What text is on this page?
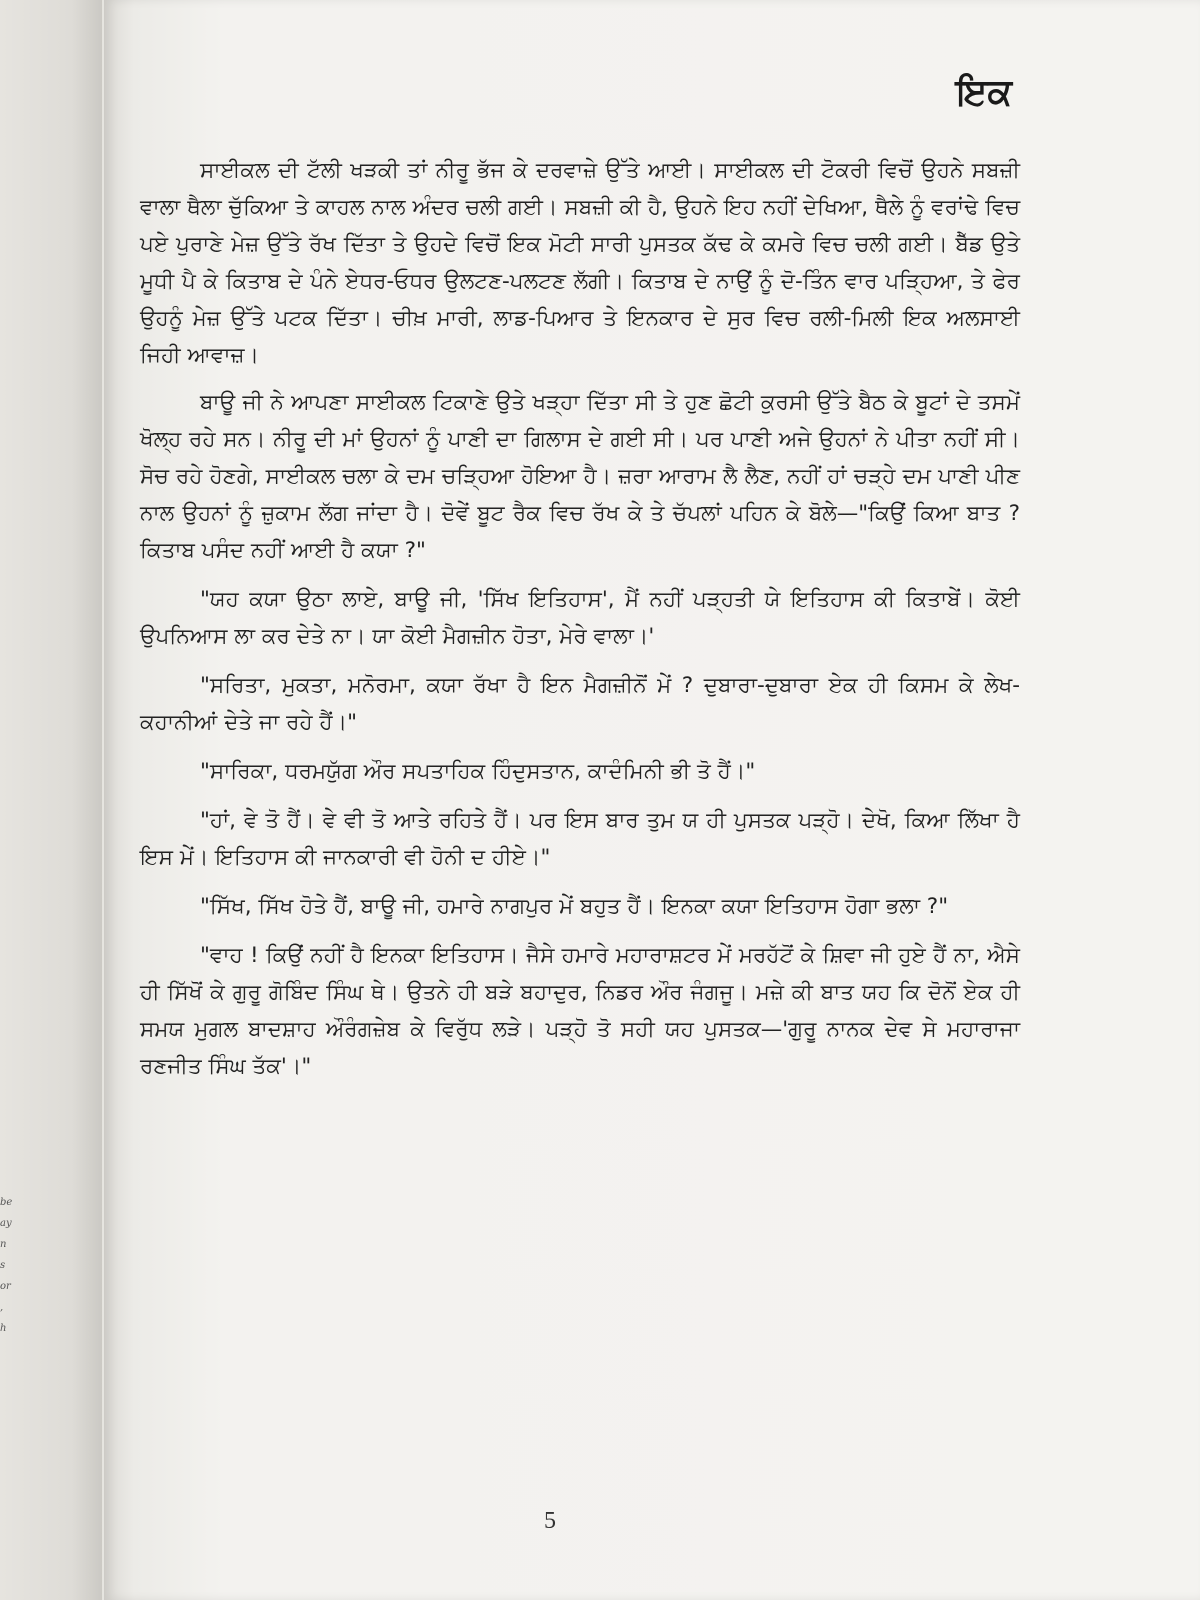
be
ay
n
s
or
,
h
ਇਕ

ਸਾਈਕਲ ਦੀ ਟੱਲੀ ਖੜਕੀ ਤਾਂ ਨੀਰੂ ਭੱਜ ਕੇ ਦਰਵਾਜ਼ੇ ਉੱਤੇ ਆਈ। ਸਾਈਕਲ ਦੀ ਟੋਕਰੀ ਵਿਚੋਂ ਉਹਨੇ ਸਬਜ਼ੀ ਵਾਲਾ ਥੈਲਾ ਚੁੱਕਿਆ ਤੇ ਕਾਹਲ ਨਾਲ ਅੰਦਰ ਚਲੀ ਗਈ। ਸਬਜ਼ੀ ਕੀ ਹੈ, ਉਹਨੇ ਇਹ ਨਹੀਂ ਦੇਖਿਆ, ਥੈਲੇ ਨੂੰ ਵਰਾਂਢੇ ਵਿਚ ਪਏ ਪੁਰਾਣੇ ਮੇਜ਼ ਉੱਤੇ ਰੱਖ ਦਿੱਤਾ ਤੇ ਉਹਦੇ ਵਿਚੋਂ ਇਕ ਮੋਟੀ ਸਾਰੀ ਪੁਸਤਕ ਕੱਢ ਕੇ ਕਮਰੇ ਵਿਚ ਚਲੀ ਗਈ। ਬੈੱਡ ਉਤੇ ਮੂਧੀ ਪੈ ਕੇ ਕਿਤਾਬ ਦੇ ਪੰਨੇ ਏਧਰ-ਓਧਰ ਉਲਟਣ-ਪਲਟਣ ਲੱਗੀ। ਕਿਤਾਬ ਦੇ ਨਾਉਂ ਨੂੰ ਦੋ-ਤਿੰਨ ਵਾਰ ਪੜ੍ਹਿਆ, ਤੇ ਫੇਰ ਉਹਨੂੰ ਮੇਜ਼ ਉੱਤੇ ਪਟਕ ਦਿੱਤਾ। ਚੀਖ਼ ਮਾਰੀ, ਲਾਡ-ਪਿਆਰ ਤੇ ਇਨਕਾਰ ਦੇ ਸੁਰ ਵਿਚ ਰਲੀ-ਮਿਲੀ ਇਕ ਅਲਸਾਈ ਜਿਹੀ ਆਵਾਜ਼।

ਬਾਊ ਜੀ ਨੇ ਆਪਣਾ ਸਾਈਕਲ ਟਿਕਾਣੇ ਉਤੇ ਖੜ੍ਹਾ ਦਿੱਤਾ ਸੀ ਤੇ ਹੁਣ ਛੋਟੀ ਕੁਰਸੀ ਉੱਤੇ ਬੈਠ ਕੇ ਬੂਟਾਂ ਦੇ ਤਸਮੇਂ ਖੋਲ੍ਹ ਰਹੇ ਸਨ। ਨੀਰੂ ਦੀ ਮਾਂ ਉਹਨਾਂ ਨੂੰ ਪਾਣੀ ਦਾ ਗਿਲਾਸ ਦੇ ਗਈ ਸੀ। ਪਰ ਪਾਣੀ ਅਜੇ ਉਹਨਾਂ ਨੇ ਪੀਤਾ ਨਹੀਂ ਸੀ। ਸੋਚ ਰਹੇ ਹੋਣਗੇ, ਸਾਈਕਲ ਚਲਾ ਕੇ ਦਮ ਚੜ੍ਹਿਆ ਹੋਇਆ ਹੈ। ਜ਼ਰਾ ਆਰਾਮ ਲੈ ਲੈਣ, ਨਹੀਂ ਹਾਂ ਚੜ੍ਹੇ ਦਮ ਪਾਣੀ ਪੀਣ ਨਾਲ ਉਹਨਾਂ ਨੂੰ ਜ਼ੁਕਾਮ ਲੱਗ ਜਾਂਦਾ ਹੈ। ਦੋਵੇਂ ਬੂਟ ਰੈਕ ਵਿਚ ਰੱਖ ਕੇ ਤੇ ਚੱਪਲਾਂ ਪਹਿਨ ਕੇ ਬੋਲੇ—"ਕਿਉਂ ਕਿਆ ਬਾਤ ? ਕਿਤਾਬ ਪਸੰਦ ਨਹੀਂ ਆਈ ਹੈ ਕਯਾ ?"

"ਯਹ ਕਯਾ ਉਠਾ ਲਾਏ, ਬਾਊ ਜੀ, 'ਸਿੱਖ ਇਤਿਹਾਸ', ਮੈਂ ਨਹੀਂ ਪੜ੍ਹਤੀ ਯੇ ਇਤਿਹਾਸ ਕੀ ਕਿਤਾਬੇਂ। ਕੋਈ ਉਪਨਿਆਸ ਲਾ ਕਰ ਦੇਤੇ ਨਾ। ਯਾ ਕੋਈ ਮੈਗਜ਼ੀਨ ਹੋਤਾ, ਮੇਰੇ ਵਾਲਾ।'

"ਸਰਿਤਾ, ਮੁਕਤਾ, ਮਨੋਰਮਾ, ਕਯਾ ਰੱਖਾ ਹੈ ਇਨ ਮੈਗਜ਼ੀਨੋਂ ਮੇਂ ? ਦੁਬਾਰਾ-ਦੁਬਾਰਾ ਏਕ ਹੀ ਕਿਸਮ ਕੇ ਲੇਖ-ਕਹਾਨੀਆਂ ਦੇਤੇ ਜਾ ਰਹੇ ਹੈਂ।"

"ਸਾਰਿਕਾ, ਧਰਮਯੁੱਗ ਔਰ ਸਪਤਾਹਿਕ ਹਿੰਦੁਸਤਾਨ, ਕਾਦੰਮਿਨੀ ਭੀ ਤੋ ਹੈਂ।"

"ਹਾਂ, ਵੇ ਤੋ ਹੈਂ। ਵੇ ਵੀ ਤੋ ਆਤੇ ਰਹਿਤੇ ਹੈਂ। ਪਰ ਇਸ ਬਾਰ ਤੁਮ ਯ ਹੀ ਪੁਸਤਕ ਪੜ੍ਹੋ। ਦੇਖੋ, ਕਿਆ ਲਿੱਖਾ ਹੈ ਇਸ ਮੇਂ। ਇਤਿਹਾਸ ਕੀ ਜਾਨਕਾਰੀ ਵੀ ਹੋਨੀ ਦ ਹੀਏ।"

"ਸਿੱਖ, ਸਿੱਖ ਹੋਤੇ ਹੈਂ, ਬਾਊ ਜੀ, ਹਮਾਰੇ ਨਾਗਪੁਰ ਮੇਂ ਬਹੁਤ ਹੈਂ। ਇਨਕਾ ਕਯਾ ਇਤਿਹਾਸ ਹੋਗਾ ਭਲਾ ?"

"ਵਾਹ ! ਕਿਉਂ ਨਹੀਂ ਹੈ ਇਨਕਾ ਇਤਿਹਾਸ। ਜੈਸੇ ਹਮਾਰੇ ਮਹਾਰਾਸ਼ਟਰ ਮੇਂ ਮਰਹੱਟੋਂ ਕੇ ਸ਼ਿਵਾ ਜੀ ਹੁਏ ਹੈਂ ਨਾ, ਐਸੇ ਹੀ ਸਿੱਖੋਂ ਕੇ ਗੁਰੂ ਗੋਬਿੰਦ ਸਿੰਘ ਥੇ। ਉਤਨੇ ਹੀ ਬੜੇ ਬਹਾਦੁਰ, ਨਿਡਰ ਔਰ ਜੰਗਜੂ। ਮਜ਼ੇ ਕੀ ਬਾਤ ਯਹ ਕਿ ਦੋਨੋਂ ਏਕ ਹੀ ਸਮਯ ਮੁਗਲ ਬਾਦਸ਼ਾਹ ਔਰੰਗਜ਼ੇਬ ਕੇ ਵਿਰੁੱਧ ਲੜੇ। ਪੜ੍ਹੋ ਤੋ ਸਹੀ ਯਹ ਪੁਸਤਕ—'ਗੁਰੂ ਨਾਨਕ ਦੇਵ ਸੇ ਮਹਾਰਾਜਾ ਰਣਜੀਤ ਸਿੰਘ ਤੱਕ'।"

5
